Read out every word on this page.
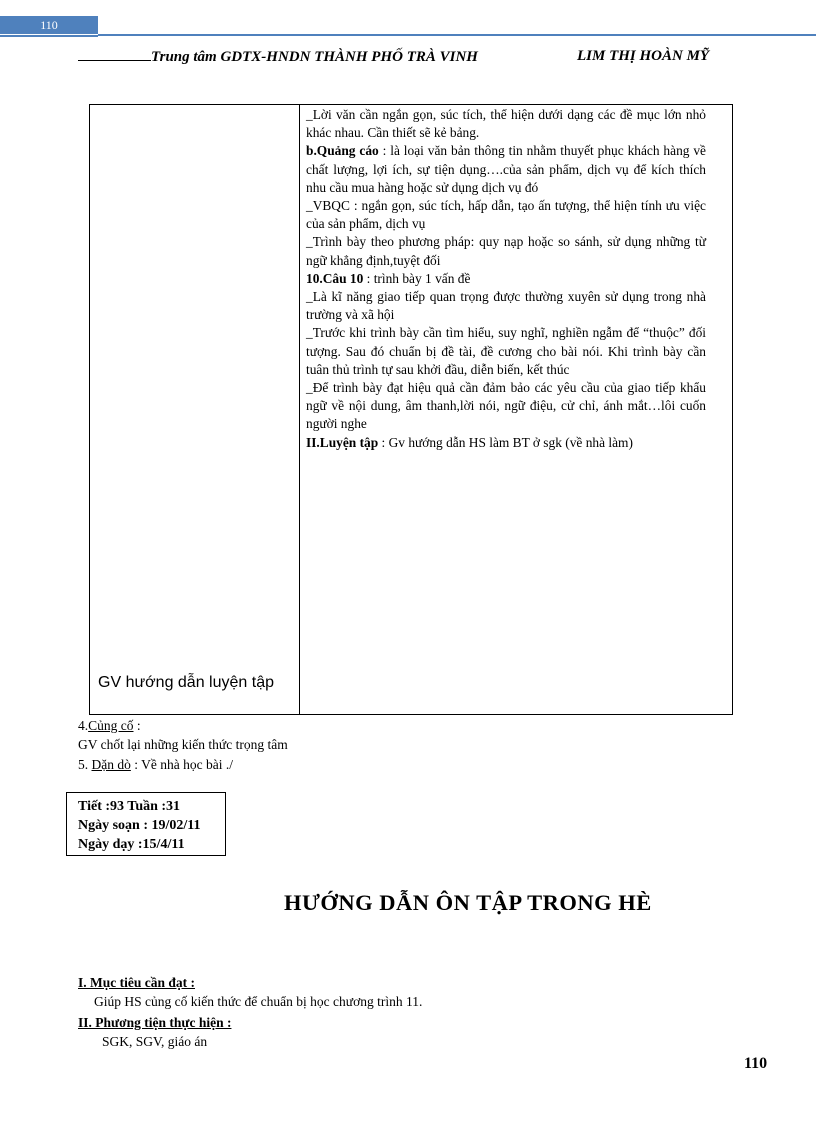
110
Trung tâm GDTX-HNDN THÀNH PHỐ TRÀ VINH	LIM THỊ HOÀN MỸ
GV hướng dẫn luyện tập

_Lời văn cần ngắn gọn, súc tích, thể hiện dưới dạng các đề mục lớn nhỏ khác nhau. Cần thiết sẽ kẻ bảng.

b.Quảng cáo : là loại văn bản thông tin nhằm thuyết phục khách hàng về chất lượng, lợi ích, sự tiện dụng….của sản phẩm, dịch vụ để kích thích nhu cầu mua hàng hoặc sử dụng dịch vụ đó

_VBQC : ngắn gọn, súc tích, hấp dẫn, tạo ấn tượng, thể hiện tính ưu việc của sản phẩm, dịch vụ

_Trình bày theo phương pháp: quy nạp hoặc so sánh, sử dụng những từ ngữ khẳng định,tuyệt đối

10.Câu 10 : trình bày 1 vấn đề

_Là kĩ năng giao tiếp quan trọng được thường xuyên sử dụng trong nhà trường và xã hội

_Trước khi trình bày cần tìm hiểu, suy nghĩ, nghiền ngẫm để “thuộc” đối tượng. Sau đó chuẩn bị đề tài, đề cương cho bài nói. Khi trình bày cần tuân thủ trình tự sau khởi đầu, diễn biến, kết thúc

_Để trình bày đạt hiệu quả cần đảm bảo các yêu cầu của giao tiếp khẩu ngữ về nội dung, âm thanh,lời nói, ngữ điệu, cử chỉ, ánh mắt…lôi cuốn người nghe

II.Luyện tập : Gv hướng dẫn HS làm BT ở sgk (về nhà làm)

4.Củng cố :
GV chốt lại những kiến thức trọng tâm
5. Dặn dò : Về nhà học bài ./
Tiết :93 Tuần :31
Ngày soạn : 19/02/11
Ngày dạy :15/4/11
HƯỚNG DẪN ÔN TẬP TRONG HÈ
I. Mục tiêu cần đạt :
Giúp HS củng cố kiến thức để chuẩn bị học chương trình 11.
II. Phương tiện thực hiện :
SGK, SGV, giáo án
110
